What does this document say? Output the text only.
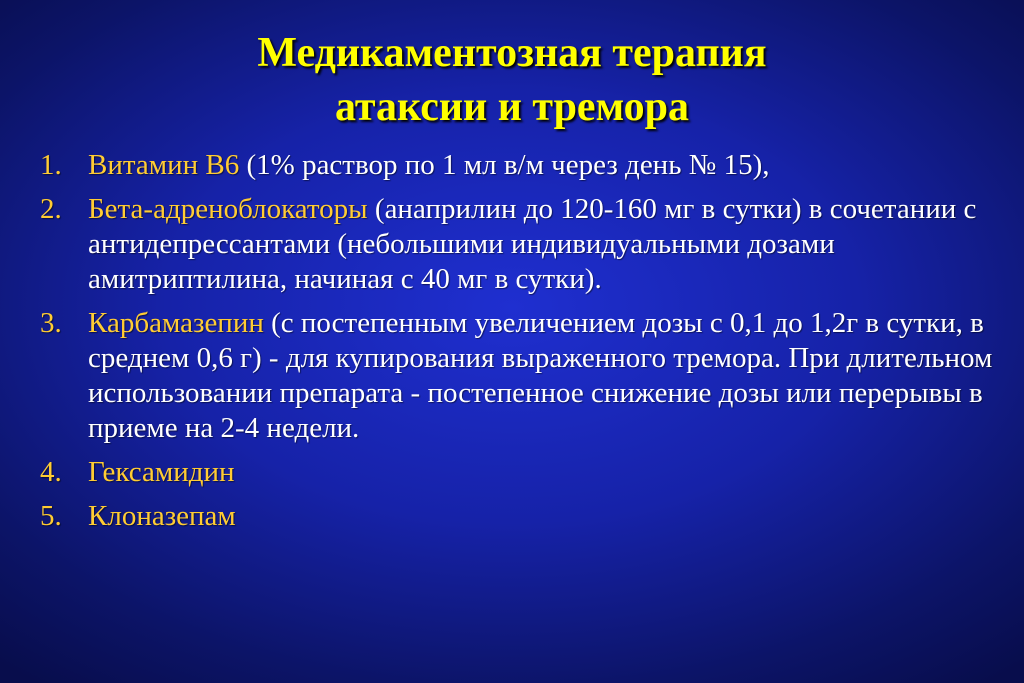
Медикаментозная терапия
атаксии и тремора
1. Витамин В6 (1% раствор по 1 мл в/м через день № 15),
2. Бета-адреноблокаторы (анаприлин до 120-160 мг в сутки) в сочетании с антидепрессантами (небольшими индивидуальными дозами амитриптилина, начиная с 40 мг в сутки).
3. Карбамазепин (с постепенным увеличением дозы с 0,1 до 1,2г в сутки, в среднем 0,6 г) - для купирования выраженного тремора. При длительном использовании препарата - постепенное снижение дозы или перерывы в приеме на 2-4 недели.
4. Гексамидин
5. Клоназепам
